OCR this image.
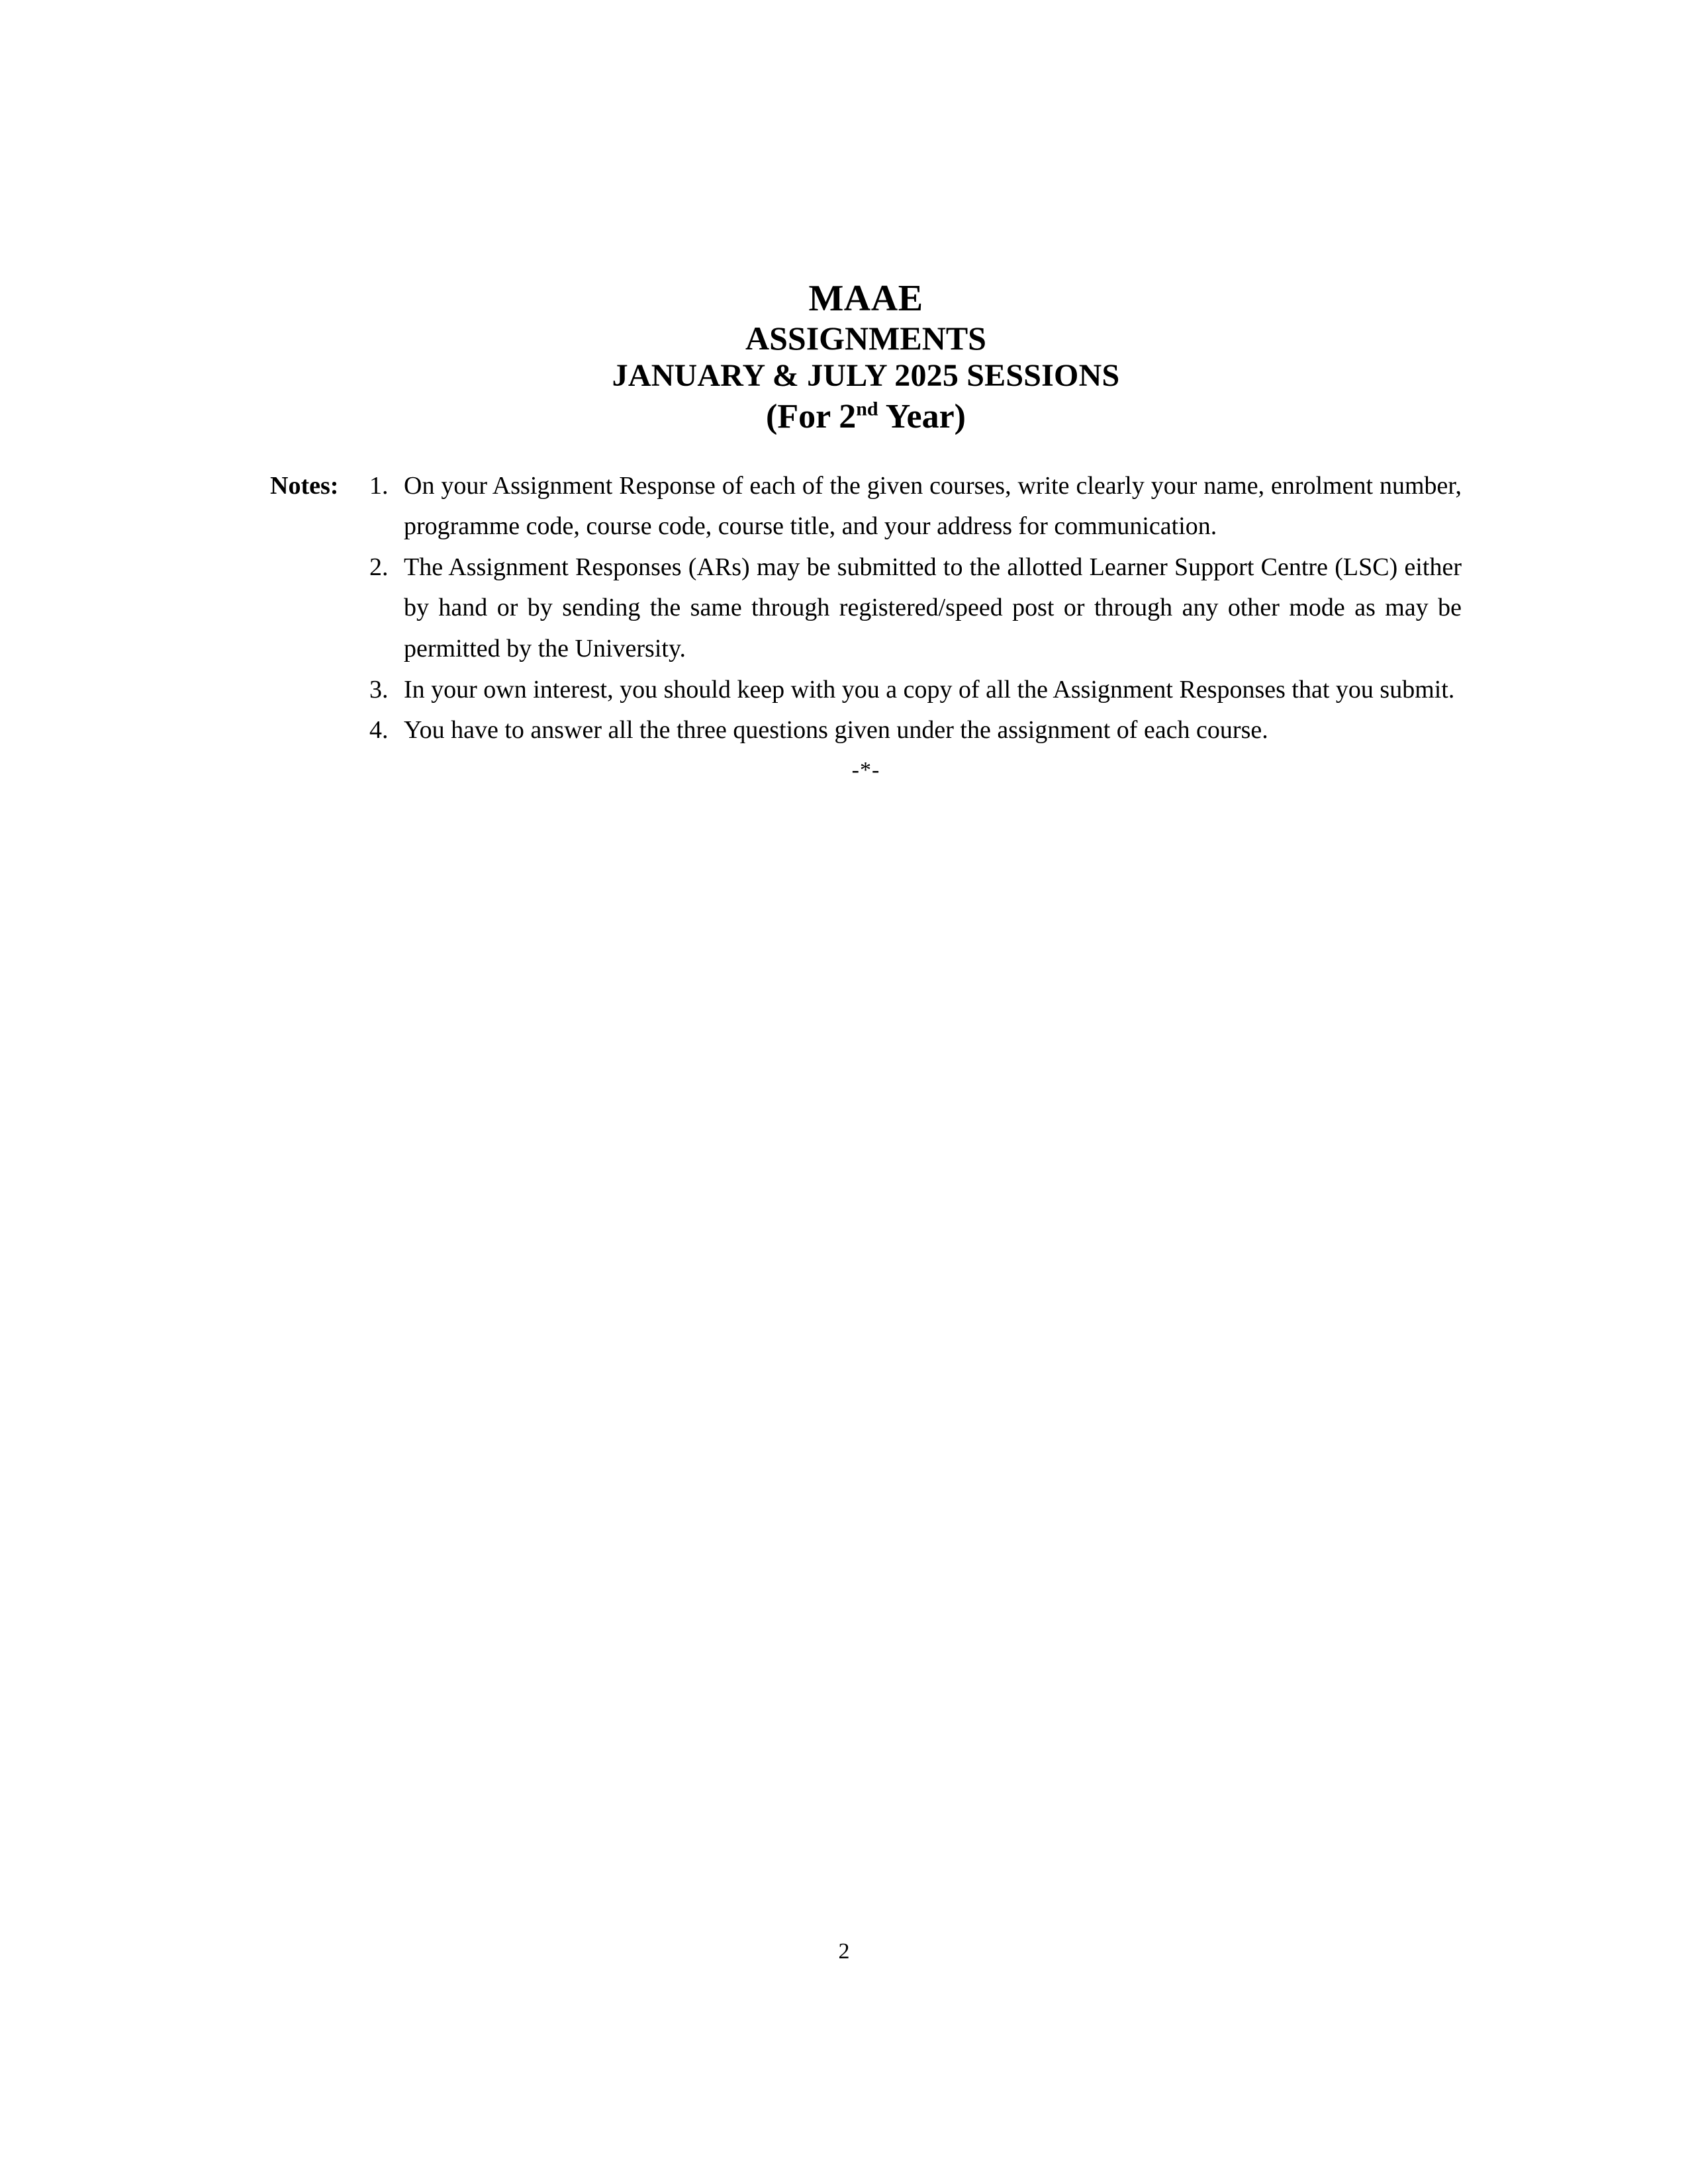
MAAE
ASSIGNMENTS
JANUARY & JULY 2025 SESSIONS
(For 2nd Year)
Notes:	1. On your Assignment Response of each of the given courses, write clearly your name, enrolment number, programme code, course code, course title, and your address for communication.
2. The Assignment Responses (ARs) may be submitted to the allotted Learner Support Centre (LSC) either by hand or by sending the same through registered/speed post or through any other mode as may be permitted by the University.
3. In your own interest, you should keep with you a copy of all the Assignment Responses that you submit.
4. You have to answer all the three questions given under the assignment of each course.
-*-
2
